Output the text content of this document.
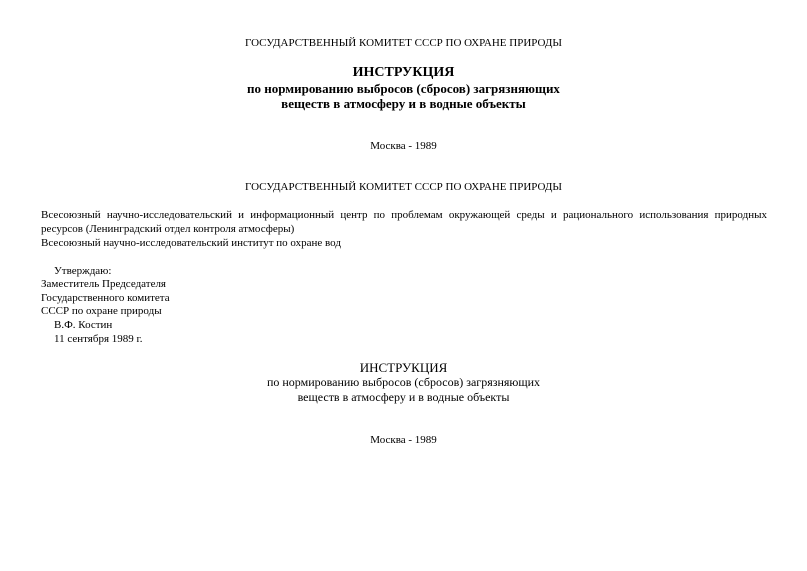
ГОСУДАРСТВЕННЫЙ КОМИТЕТ СССР ПО ОХРАНЕ ПРИРОДЫ
ИНСТРУКЦИЯ
по нормированию выбросов (сбросов) загрязняющих
веществ в атмосферу и в водные объекты
Москва - 1989
ГОСУДАРСТВЕННЫЙ КОМИТЕТ СССР ПО ОХРАНЕ ПРИРОДЫ
Всесоюзный научно-исследовательский и информационный центр по проблемам окружающей среды и рационального использования природных ресурсов (Ленинградский отдел контроля атмосферы)
Всесоюзный научно-исследовательский институт по охране вод
Утверждаю:
Заместитель Председателя
Государственного комитета
СССР по охране природы
В.Ф. Костин
11 сентября 1989 г.
ИНСТРУКЦИЯ
по нормированию выбросов (сбросов) загрязняющих
веществ в атмосферу и в водные объекты
Москва - 1989
